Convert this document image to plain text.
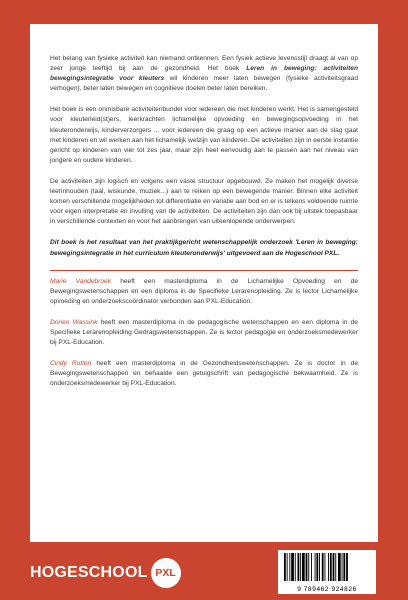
Het belang van fysieke activiteit kan niemand ontkennen. Een fysiek actieve levensstijl draagt al van op zeer jonge leeftijd bij aan de gezondheid. Het boek Leren in beweging: activiteiten bewegingsintegratie voor kleuters wil kinderen meer laten bewegen (fysieke activiteitsgraad verhogen), beter laten bewegen en cognitieve doelen beter laten bereiken.

Het boek is een onmisbare activiteitenbundel voor iedereen die met kinderen werkt. Het is samengesteld voor kleuterleid(st)ers, leerkrachten lichamelijke opvoeding en bewegingsopvoeding in het kleuteronderwijs, kinderverzorgers ... voor iedereen die graag op een actieve manier aan de slag gaat met kinderen en wil werken aan het lichamelijk welzijn van kinderen. De activiteiten zijn in eerste instantie gericht op kinderen van vier tot zes jaar, maar zijn heel eenvoudig aan te passen aan het niveau van jongere en oudere kinderen.

De activiteiten zijn logisch en volgens een vaste structuur opgebouwd. Ze maken het mogelijk diverse leerinhouden (taal, wiskunde, muziek...) aan te reiken op een bewegende manier. Binnen elke activiteit komen verschillende mogelijkheden tot differentiatie en variatie aan bod en er is telkens voldoende ruimte voor eigen interpretatie en invulling van de activiteiten. De activiteiten zijn dan ook bij uitstek toepasbaar in verschillende contexten en voor het aanbrengen van uiteenlopende onderwerpen.

Dit boek is het resultaat van het praktijkgericht wetenschappelijk onderzoek 'Leren in beweging: bewegingsintegratie in het curriculum kleuteronderwijs' uitgevoerd aan de Hogeschool PXL.

Marie Vandebroek heeft een masterdiploma in de Lichamelijke Opvoeding en de Bewegingswetenschappen en een diploma in de Specifieke Lerarenopleiding. Ze is lector Lichamelijke opvoeding en onderzoekscoördinator verbonden aan PXL-Education.

Dorien Wassink heeft een masterdiploma in de pedagogische wetenschappen en een diploma in de Specifieke Lerarenopleiding Gedragswetenschappen. Ze is lector pedagogie en onderzoeksmedewerker bij PXL-Education.

Cindy Rutten heeft een masterdiploma in de Gezondheidswetenschappen. Ze is doctor in de Bewegingswetenschappen en behaalde een getuigschrift van pedagogische bekwaamheid. Ze is onderzoeksmedewerker bij PXL-Education.

HOGESCHOOL PXL
9 789462 924826
